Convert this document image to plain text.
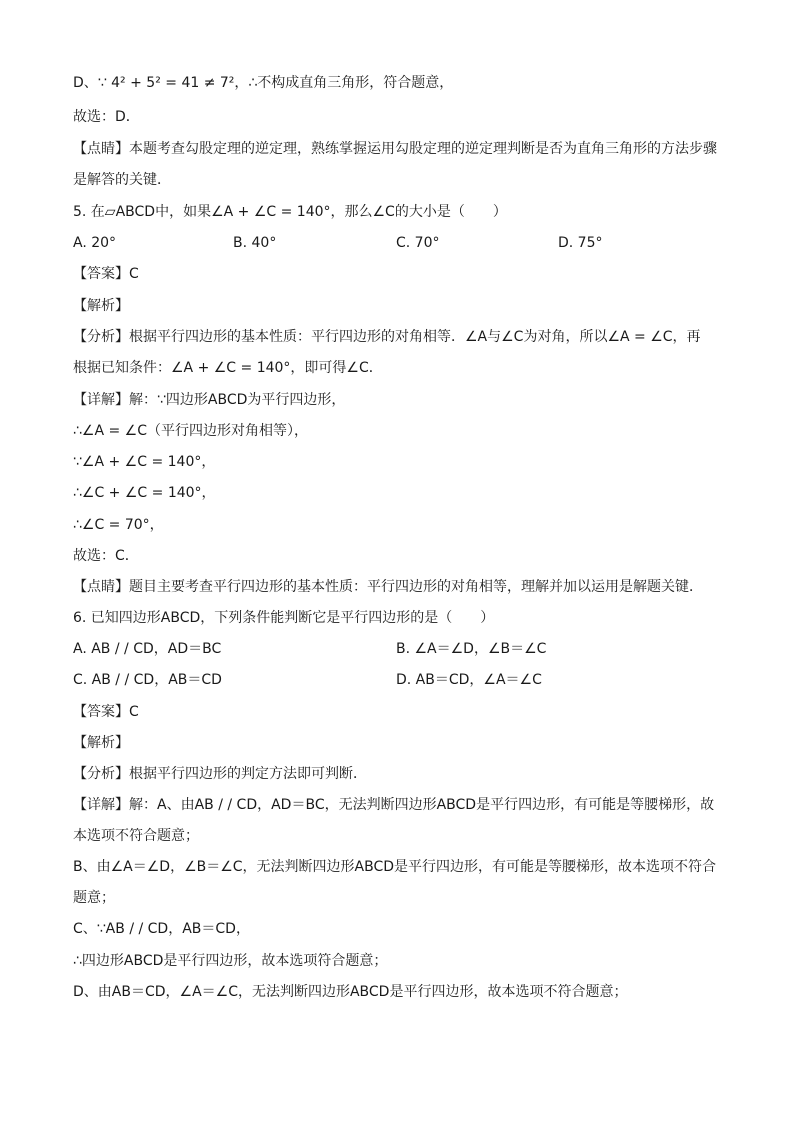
D、∵ 4² + 5² = 41 ≠ 7²，∴不构成直角三角形，符合题意，
故选：D．
【点睛】本题考查勾股定理的逆定理，熟练掌握运用勾股定理的逆定理判断是否为直角三角形的方法步骤
是解答的关键．
5. 在▱ABCD中，如果∠A + ∠C = 140°，那么∠C的大小是（　　）
A. 20°	B. 40°	C. 70°	D. 75°
【答案】C
【解析】
【分析】根据平行四边形的基本性质：平行四边形的对角相等．∠A与∠C为对角，所以∠A = ∠C，再
根据已知条件：∠A + ∠C = 140°，即可得∠C．
【详解】解：∵四边形ABCD为平行四边形，
∴∠A = ∠C（平行四边形对角相等），
∵∠A + ∠C = 140°，
∴∠C + ∠C = 140°，
∴∠C = 70°，
故选：C．
【点睛】题目主要考查平行四边形的基本性质：平行四边形的对角相等，理解并加以运用是解题关键．
6. 已知四边形ABCD，下列条件能判断它是平行四边形的是（　　）
A. AB / / CD，AD＝BC	B. ∠A＝∠D，∠B＝∠C
C. AB / / CD，AB＝CD	D. AB＝CD，∠A＝∠C
【答案】C
【解析】
【分析】根据平行四边形的判定方法即可判断．
【详解】解：A、由AB / / CD，AD＝BC，无法判断四边形ABCD是平行四边形，有可能是等腰梯形，故
本选项不符合题意；
B、由∠A＝∠D，∠B＝∠C，无法判断四边形ABCD是平行四边形，有可能是等腰梯形，故本选项不符合
题意；
C、∵AB / / CD，AB＝CD，
∴四边形ABCD是平行四边形，故本选项符合题意；
D、由AB＝CD，∠A＝∠C，无法判断四边形ABCD是平行四边形，故本选项不符合题意；
